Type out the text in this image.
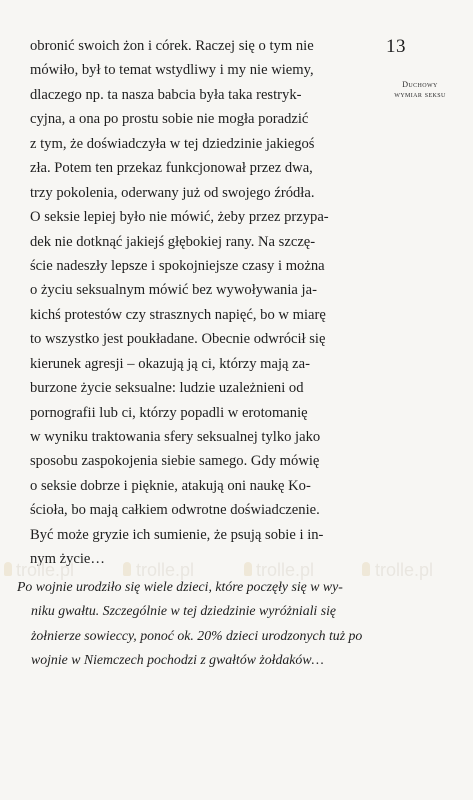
13
Duchowy
wymiar seksu
obronić swoich żon i córek. Raczej się o tym nie
mówiło, był to temat wstydliwy i my nie wiemy,
dlaczego np. ta nasza babcia była taka restryk-
cyjna, a ona po prostu sobie nie mogła poradzić
z tym, że doświadczyła w tej dziedzinie jakiegoś
zła. Potem ten przekaz funkcjonował przez dwa,
trzy pokolenia, oderwany już od swojego źródła.
O seksie lepiej było nie mówić, żeby przez przypa-
dek nie dotknąć jakiejś głębokiej rany. Na szczę-
ście nadeszły lepsze i spokojniejsze czasy i można
o życiu seksualnym mówić bez wywoływania ja-
kichś protestów czy strasznych napięć, bo w miarę
to wszystko jest poukładane. Obecnie odwrócił się
kierunek agresji – okazują ją ci, którzy mają za-
burzone życie seksualne: ludzie uzależnieni od
pornografii lub ci, którzy popadli w erotomanię
w wyniku traktowania sfery seksualnej tylko jako
sposobu zaspokojenia siebie samego. Gdy mówię
o seksie dobrze i pięknie, atakują oni naukę Ko-
ścioła, bo mają całkiem odwrotne doświadczenie.
Być może gryzie ich sumienie, że psują sobie i in-
nym życie…
trolle.pl	trolle.pl	trolle.pl	trolle.pl
Po wojnie urodziło się wiele dzieci, które poczęły się w wy-
niku gwałtu. Szczególnie w tej dziedzinie wyróżniali się
żołnierze sowieccy, ponoć ok. 20% dzieci urodzonych tuż po
wojnie w Niemczech pochodzi z gwałtów żołdaków…
